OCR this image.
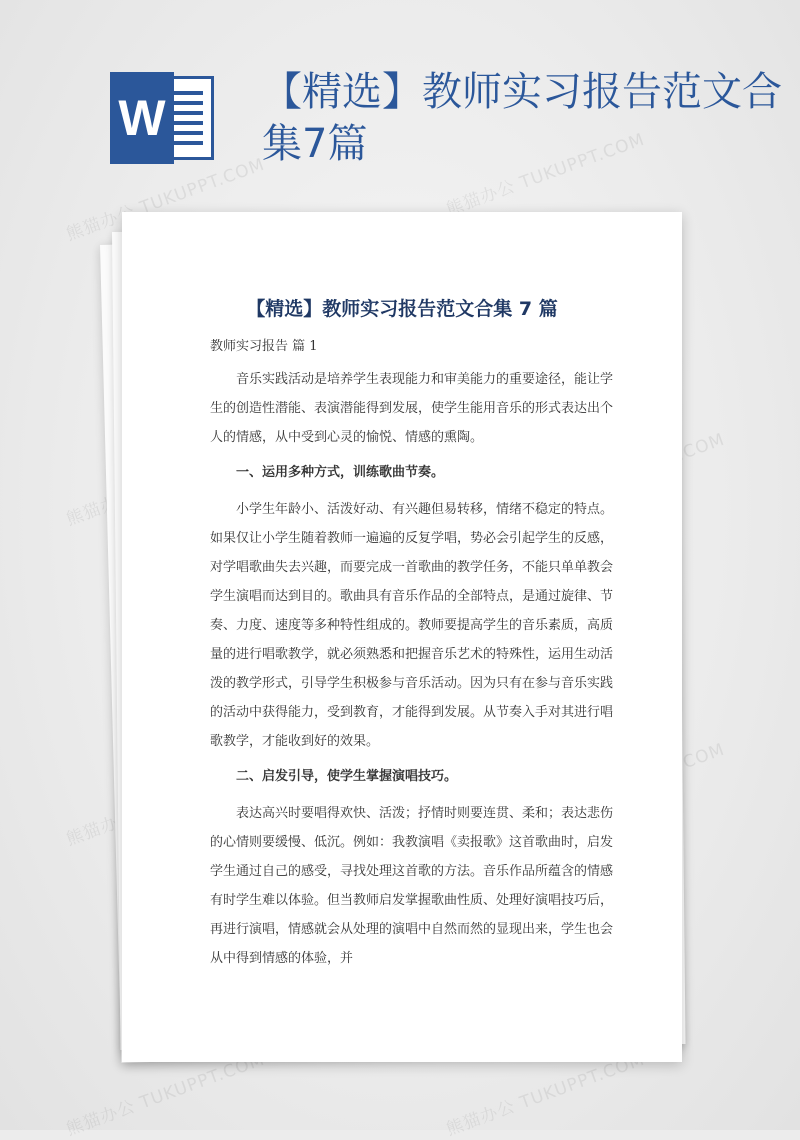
W 【精选】教师实习报告范文合集7篇
【精选】教师实习报告范文合集 7 篇

教师实习报告 篇 1

音乐实践活动是培养学生表现能力和审美能力的重要途径，能让学生的创造性潜能、表演潜能得到发展，使学生能用音乐的形式表达出个人的情感，从中受到心灵的愉悦、情感的熏陶。

一、运用多种方式，训练歌曲节奏。

小学生年龄小、活泼好动、有兴趣但易转移，情绪不稳定的特点。如果仅让小学生随着教师一遍遍的反复学唱，势必会引起学生的反感，对学唱歌曲失去兴趣，而要完成一首歌曲的教学任务，不能只单单教会学生演唱而达到目的。歌曲具有音乐作品的全部特点，是通过旋律、节奏、力度、速度等多种特性组成的。教师要提高学生的音乐素质，高质量的进行唱歌教学，就必须熟悉和把握音乐艺术的特殊性，运用生动活泼的教学形式，引导学生积极参与音乐活动。因为只有在参与音乐实践的活动中获得能力，受到教育，才能得到发展。从节奏入手对其进行唱歌教学，才能收到好的效果。

二、启发引导，使学生掌握演唱技巧。

表达高兴时要唱得欢快、活泼；抒情时则要连贯、柔和；表达悲伤的心情则要缓慢、低沉。例如：我教演唱《卖报歌》这首歌曲时，启发学生通过自己的感受，寻找处理这首歌的方法。音乐作品所蕴含的情感有时学生难以体验。但当教师启发掌握歌曲性质、处理好演唱技巧后，再进行演唱，情感就会从处理的演唱中自然而然的显现出来，学生也会从中得到情感的体验，并
